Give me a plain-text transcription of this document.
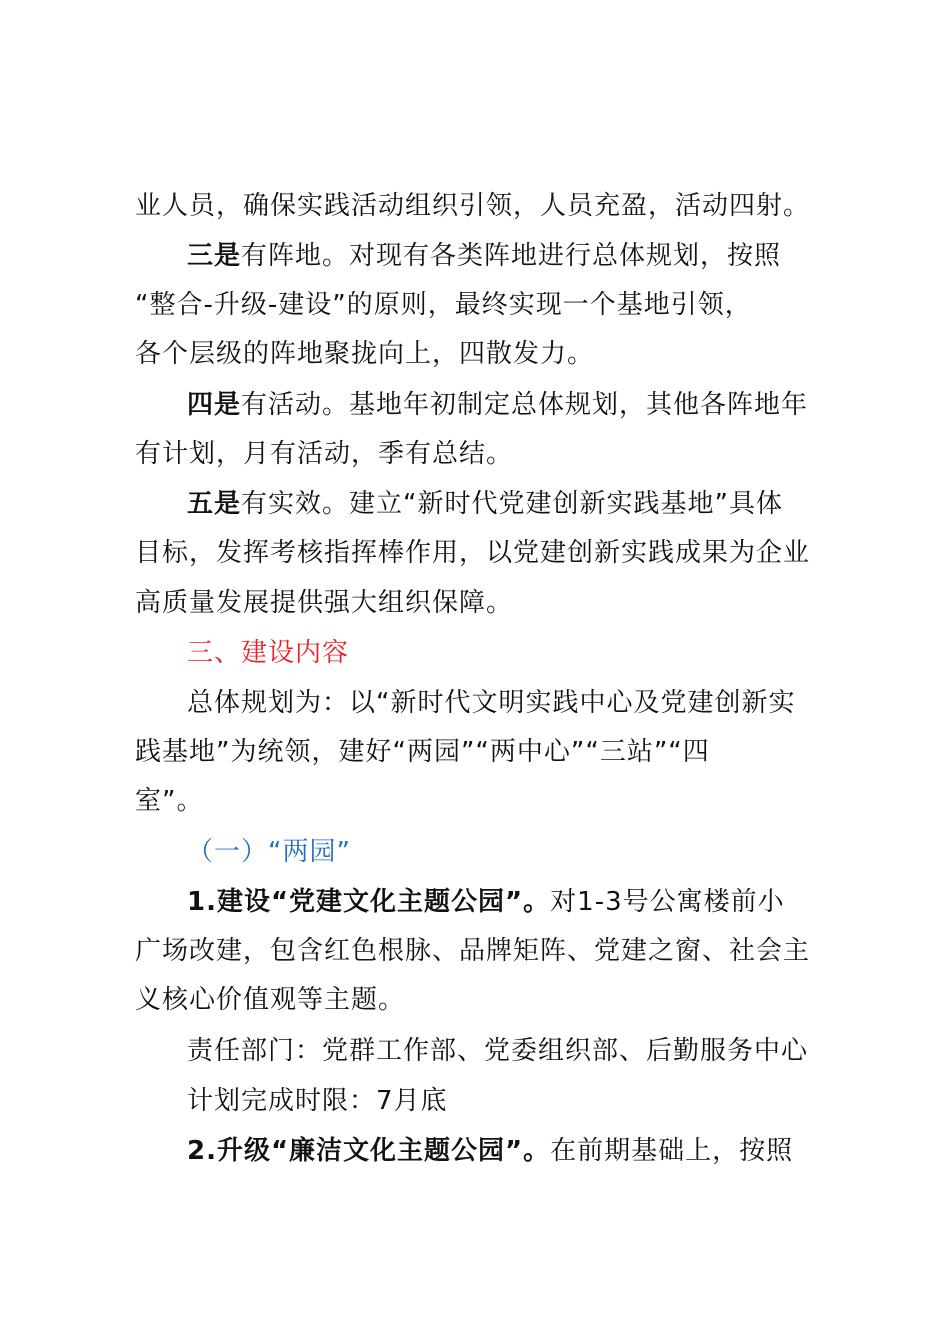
业人员，确保实践活动组织引领，人员充盈，活动四射。
三是有阵地。对现有各类阵地进行总体规划，按照
“整合-升级-建设”的原则，最终实现一个基地引领，
各个层级的阵地聚拢向上，四散发力。
四是有活动。基地年初制定总体规划，其他各阵地年
有计划，月有活动，季有总结。
五是有实效。建立“新时代党建创新实践基地”具体
目标，发挥考核指挥棒作用，以党建创新实践成果为企业
高质量发展提供强大组织保障。
三、建设内容
总体规划为：以“新时代文明实践中心及党建创新实
践基地”为统领，建好“两园”“两中心”“三站”“四
室”。
（一）“两园”
1.建设“党建文化主题公园”。对1-3号公寓楼前小
广场改建，包含红色根脉、品牌矩阵、党建之窗、社会主
义核心价值观等主题。
责任部门：党群工作部、党委组织部、后勤服务中心
计划完成时限：7月底
2.升级“廉洁文化主题公园”。在前期基础上，按照
